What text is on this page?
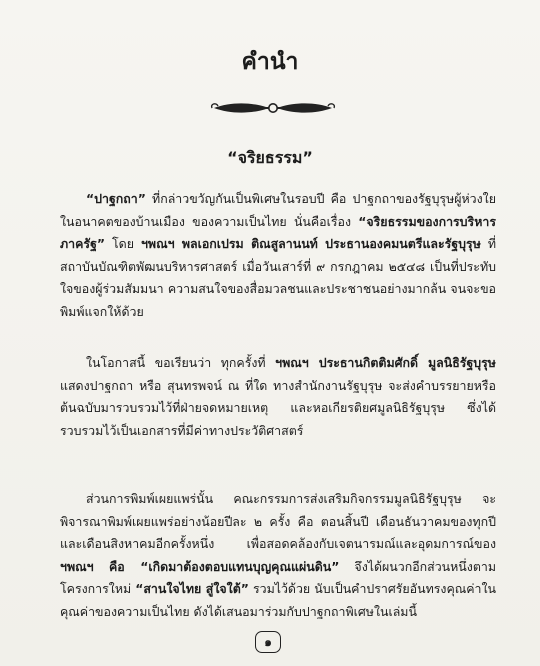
คำนำ
“จริยธรรม”
“ปาฐกถา” ที่กล่าวขวัญกันเป็นพิเศษในรอบปี คือ ปาฐกถาของรัฐบุรุษผู้ห่วงใยในอนาคตของบ้านเมือง ของความเป็นไทย นั่นคือเรื่อง “จริยธรรมของการบริหารภาครัฐ” โดย ฯพณฯ พลเอกเปรม ติณสูลานนท์ ประธานองคมนตรีและรัฐบุรุษ ที่สถาบันบัณฑิตพัฒนบริหารศาสตร์ เมื่อวันเสาร์ที่ ๙ กรกฎาคม ๒๕๔๘ เป็นที่ประทับใจของผู้ร่วมสัมมนา ความสนใจของสื่อมวลชนและประชาชนอย่างมากล้น จนจะขอพิมพ์แจกให้ด้วย
ในโอกาสนี้ ขอเรียนว่า ทุกครั้งที่ ฯพณฯ ประธานกิตติมศักดิ์ มูลนิธิรัฐบุรุษ แสดงปาฐกถา หรือ สุนทรพจน์ ณ ที่ใด ทางสำนักงานรัฐบุรุษ จะส่งคำบรรยายหรือต้นฉบับมารวบรวมไว้ที่ฝ่ายจดหมายเหตุ และหอเกียรติยศมูลนิธิรัฐบุรุษ ซึ่งได้รวบรวมไว้เป็นเอกสารที่มีค่าทางประวัติศาสตร์
ส่วนการพิมพ์เผยแพร่นั้น คณะกรรมการส่งเสริมกิจกรรมมูลนิธิรัฐบุรุษ จะพิจารณาพิมพ์เผยแพร่อย่างน้อยปีละ ๒ ครั้ง คือ ตอนสิ้นปี เดือนธันวาคมของทุกปี และเดือนสิงหาคมอีกครั้งหนึ่ง เพื่อสอดคล้องกับเจตนารมณ์และอุดมการณ์ของ ฯพณฯ คือ “เกิดมาต้องตอบแทนบุญคุณแผ่นดิน” จึงได้ผนวกอีกส่วนหนึ่งตามโครงการใหม่ “สานใจไทย สู่ใจใต้” รวมไว้ด้วย นับเป็นคำปราศรัยอันทรงคุณค่าในคุณค่าของความเป็นไทย ดังได้เสนอมาร่วมกับปาฐกถาพิเศษในเล่มนี้
๑
